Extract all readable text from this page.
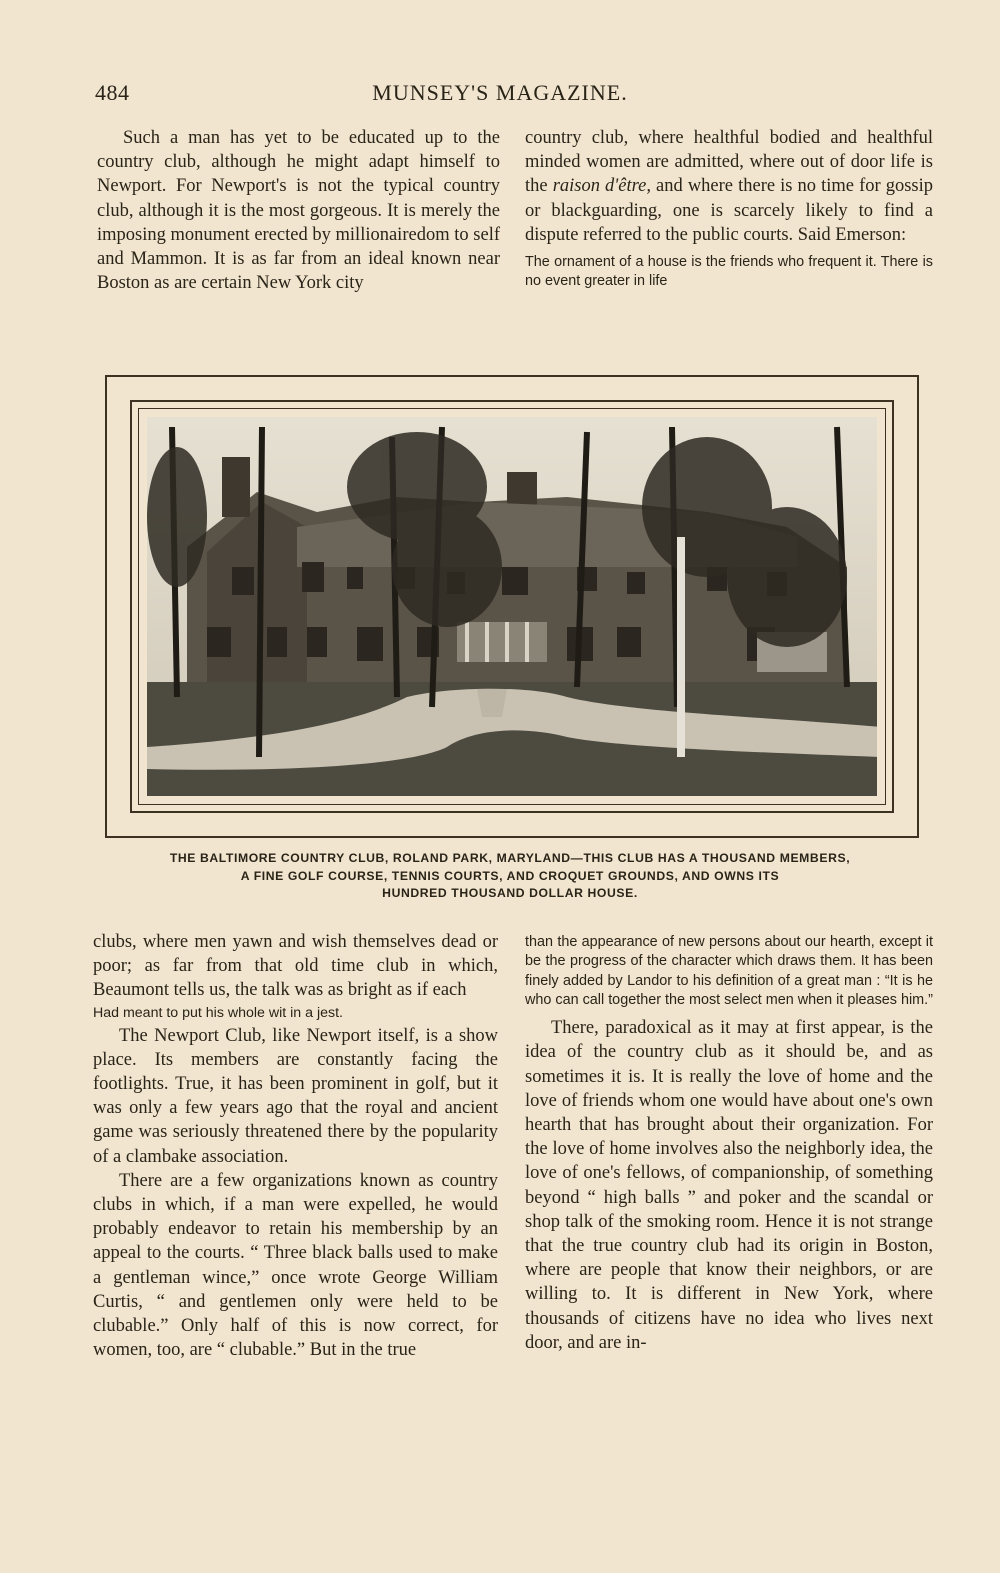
484	MUNSEY'S MAGAZINE.

Such a man has yet to be educated up to the country club, although he might adapt himself to Newport. For Newport's is not the typical country club, although it is the most gorgeous. It is merely the imposing monument erected by millionairedom to self and Mammon. It is as far from an ideal known near Boston as are certain New York city

country club, where healthful bodied and healthful minded women are admitted, where out of door life is the raison d'être, and where there is no time for gossip or blackguarding, one is scarcely likely to find a dispute referred to the public courts. Said Emerson:

The ornament of a house is the friends who frequent it. There is no event greater in life

THE BALTIMORE COUNTRY CLUB, ROLAND PARK, MARYLAND—THIS CLUB HAS A THOUSAND MEMBERS,
A FINE GOLF COURSE, TENNIS COURTS, AND CROQUET GROUNDS, AND OWNS ITS
HUNDRED THOUSAND DOLLAR HOUSE.

clubs, where men yawn and wish themselves dead or poor; as far from that old time club in which, Beaumont tells us, the talk was as bright as if each

Had meant to put his whole wit in a jest.

The Newport Club, like Newport itself, is a show place. Its members are constantly facing the footlights. True, it has been prominent in golf, but it was only a few years ago that the royal and ancient game was seriously threatened there by the popularity of a clambake association.

There are a few organizations known as country clubs in which, if a man were expelled, he would probably endeavor to retain his membership by an appeal to the courts. “ Three black balls used to make a gentleman wince,” once wrote George William Curtis, “ and gentlemen only were held to be clubable.” Only half of this is now correct, for women, too, are “ clubable.” But in the true

than the appearance of new persons about our hearth, except it be the progress of the character which draws them. It has been finely added by Landor to his definition of a great man : “It is he who can call together the most select men when it pleases him.”

There, paradoxical as it may at first appear, is the idea of the country club as it should be, and as sometimes it is. It is really the love of home and the love of friends whom one would have about one's own hearth that has brought about their organization. For the love of home involves also the neighborly idea, the love of one's fellows, of companionship, of something beyond “ high balls ” and poker and the scandal or shop talk of the smoking room. Hence it is not strange that the true country club had its origin in Boston, where are people that know their neighbors, or are willing to. It is different in New York, where thousands of citizens have no idea who lives next door, and are in-
